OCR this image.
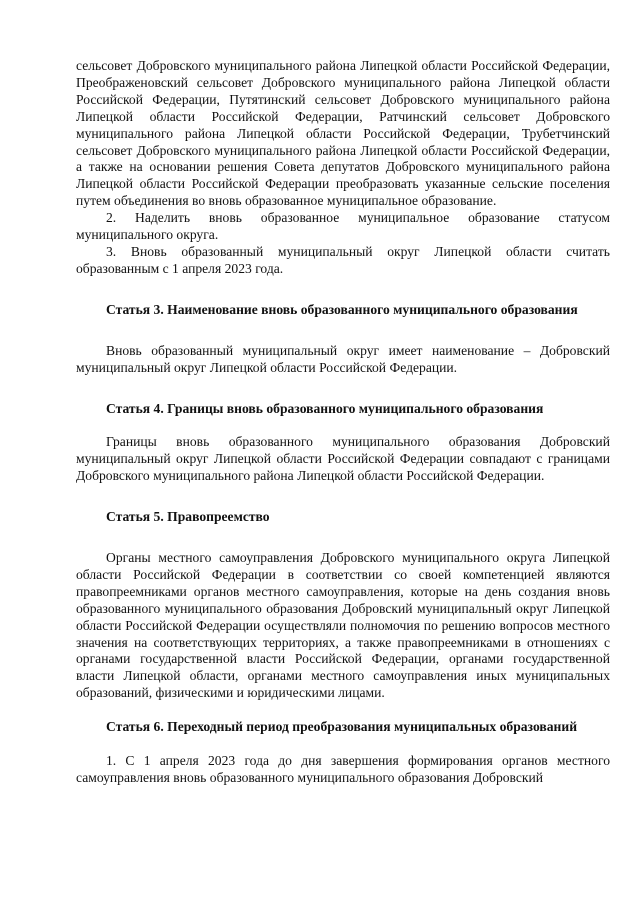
сельсовет Добровского муниципального района Липецкой области Российской Федерации, Преображеновский сельсовет Добровского муниципального района Липецкой области Российской Федерации, Путятинский сельсовет Добровского муниципального района Липецкой области Российской Федерации, Ратчинский сельсовет Добровского муниципального района Липецкой области Российской Федерации, Трубетчинский сельсовет Добровского муниципального района Липецкой области Российской Федерации, а также на основании решения Совета депутатов Добровского муниципального района Липецкой области Российской Федерации преобразовать указанные сельские поселения путем объединения во вновь образованное муниципальное образование.

2. Наделить вновь образованное муниципальное образование статусом муниципального округа.

3. Вновь образованный муниципальный округ Липецкой области считать образованным с 1 апреля 2023 года.

Статья 3. Наименование вновь образованного муниципального образования

Вновь образованный муниципальный округ имеет наименование – Добровский муниципальный округ Липецкой области Российской Федерации.

Статья 4. Границы вновь образованного муниципального образования

Границы вновь образованного муниципального образования Добровский муниципальный округ Липецкой области Российской Федерации совпадают с границами Добровского муниципального района Липецкой области Российской Федерации.

Статья 5. Правопреемство

Органы местного самоуправления Добровского муниципального округа Липецкой области Российской Федерации в соответствии со своей компетенцией являются правопреемниками органов местного самоуправления, которые на день создания вновь образованного муниципального образования Добровский муниципальный округ Липецкой области Российской Федерации осуществляли полномочия по решению вопросов местного значения на соответствующих территориях, а также правопреемниками в отношениях с органами государственной власти Российской Федерации, органами государственной власти Липецкой области, органами местного самоуправления иных муниципальных образований, физическими и юридическими лицами.

Статья 6. Переходный период преобразования муниципальных образований

1. С 1 апреля 2023 года до дня завершения формирования органов местного самоуправления вновь образованного муниципального образования Добровский
